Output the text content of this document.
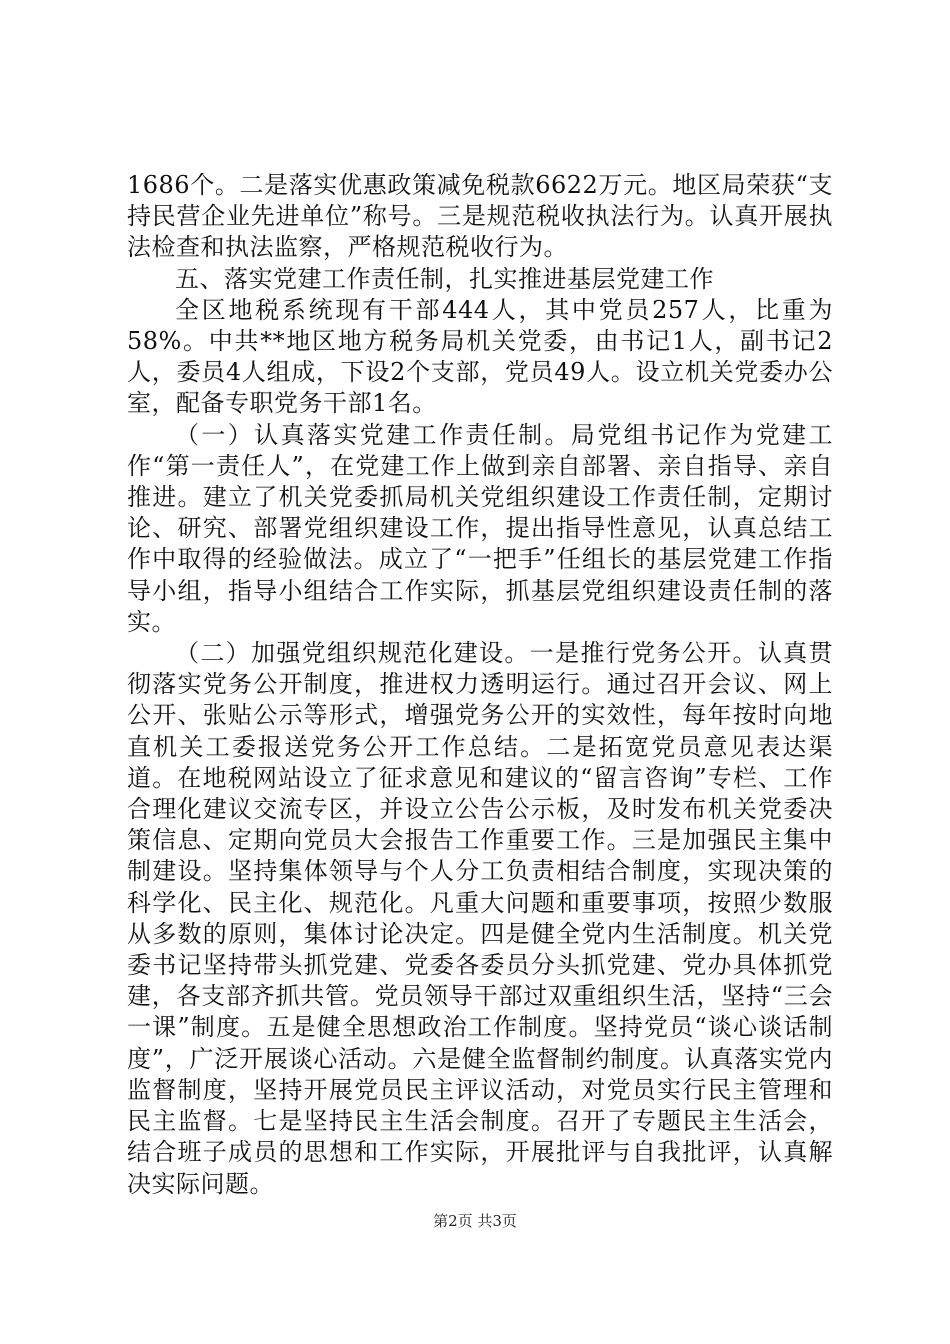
1686个。二是落实优惠政策减免税款6622万元。地区局荣获“支持民营企业先进单位”称号。三是规范税收执法行为。认真开展执法检查和执法监察，严格规范税收行为。

五、落实党建工作责任制，扎实推进基层党建工作

全区地税系统现有干部444人，其中党员257人，比重为58%。中共**地区地方税务局机关党委，由书记1人，副书记2人，委员4人组成，下设2个支部，党员49人。设立机关党委办公室，配备专职党务干部1名。

（一）认真落实党建工作责任制。局党组书记作为党建工作“第一责任人”，在党建工作上做到亲自部署、亲自指导、亲自推进。建立了机关党委抓局机关党组织建设工作责任制，定期讨论、研究、部署党组织建设工作，提出指导性意见，认真总结工作中取得的经验做法。成立了“一把手”任组长的基层党建工作指导小组，指导小组结合工作实际，抓基层党组织建设责任制的落实。

（二）加强党组织规范化建设。一是推行党务公开。认真贯彻落实党务公开制度，推进权力透明运行。通过召开会议、网上公开、张贴公示等形式，增强党务公开的实效性，每年按时向地直机关工委报送党务公开工作总结。二是拓宽党员意见表达渠道。在地税网站设立了征求意见和建议的“留言咨询”专栏、工作合理化建议交流专区，并设立公告公示板，及时发布机关党委决策信息、定期向党员大会报告工作重要工作。三是加强民主集中制建设。坚持集体领导与个人分工负责相结合制度，实现决策的科学化、民主化、规范化。凡重大问题和重要事项，按照少数服从多数的原则，集体讨论决定。四是健全党内生活制度。机关党委书记坚持带头抓党建、党委各委员分头抓党建、党办具体抓党建，各支部齐抓共管。党员领导干部过双重组织生活，坚持“三会一课”制度。五是健全思想政治工作制度。坚持党员“谈心谈话制度”，广泛开展谈心活动。六是健全监督制约制度。认真落实党内监督制度，坚持开展党员民主评议活动，对党员实行民主管理和民主监督。七是坚持民主生活会制度。召开了专题民主生活会，结合班子成员的思想和工作实际，开展批评与自我批评，认真解决实际问题。

第2页 共3页
